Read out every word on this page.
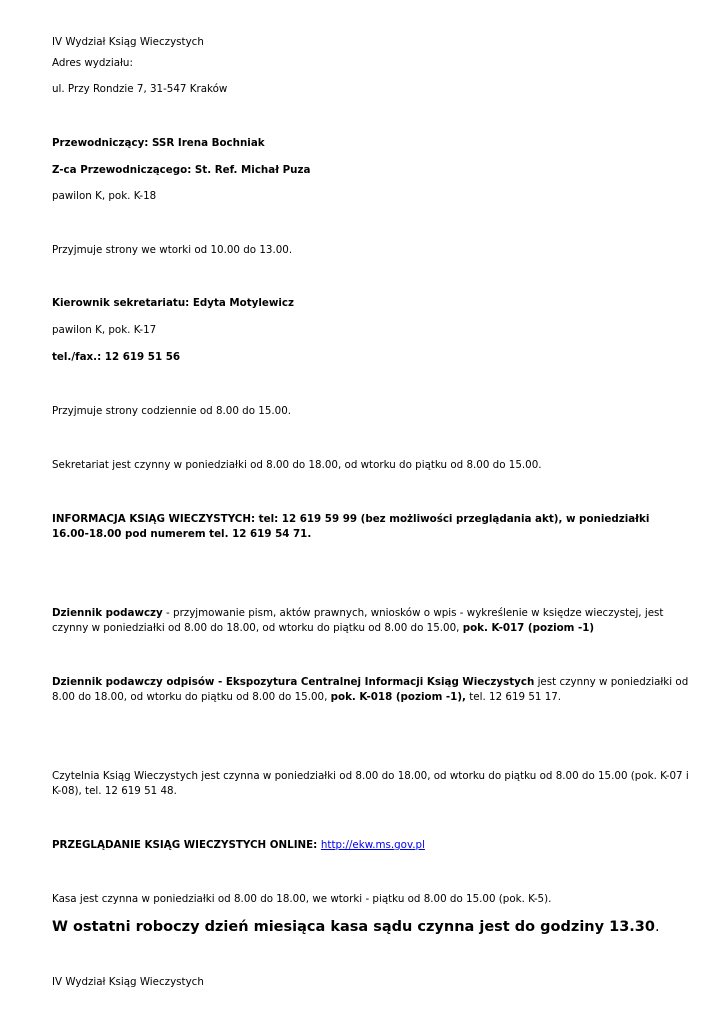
IV Wydział Ksiąg Wieczystych

Adres wydziału:

ul. Przy Rondzie 7, 31-547 Kraków

Przewodniczący: SSR Irena Bochniak

Z-ca Przewodniczącego: St. Ref. Michał Puza

pawilon K, pok. K-18

Przyjmuje strony we wtorki od 10.00 do 13.00.

Kierownik sekretariatu: Edyta Motylewicz

pawilon K, pok. K-17

tel./fax.: 12 619 51 56

Przyjmuje strony codziennie od 8.00 do 15.00.

Sekretariat jest czynny w poniedziałki od 8.00 do 18.00, od wtorku do piątku od 8.00 do 15.00.

INFORMACJA KSIĄG WIECZYSTYCH: tel: 12 619 59 99 (bez możliwości przeglądania akt), w poniedziałki

16.00-18.00 pod numerem tel. 12 619 54 71.

Dziennik podawczy - przyjmowanie pism, aktów prawnych, wniosków o wpis - wykreślenie w księdze wieczystej, jest

czynny w poniedziałki od 8.00 do 18.00, od wtorku do piątku od 8.00 do 15.00, pok. K-017 (poziom -1)

Dziennik podawczy odpisów - Ekspozytura Centralnej Informacji Ksiąg Wieczystych jest czynny w poniedziałki od

8.00 do 18.00, od wtorku do piątku od 8.00 do 15.00, pok. K-018 (poziom -1), tel. 12 619 51 17.

Czytelnia Ksiąg Wieczystych jest czynna w poniedziałki od 8.00 do 18.00, od wtorku do piątku od 8.00 do 15.00 (pok. K-07 i

K-08), tel. 12 619 51 48.

PRZEGLĄDANIE KSIĄG WIECZYSTYCH ONLINE: http://ekw.ms.gov.pl

Kasa jest czynna w poniedziałki od 8.00 do 18.00, we wtorki - piątku od 8.00 do 15.00 (pok. K-5).

W ostatni roboczy dzień miesiąca kasa sądu czynna jest do godziny 13.30.

IV Wydział Ksiąg Wieczystych
